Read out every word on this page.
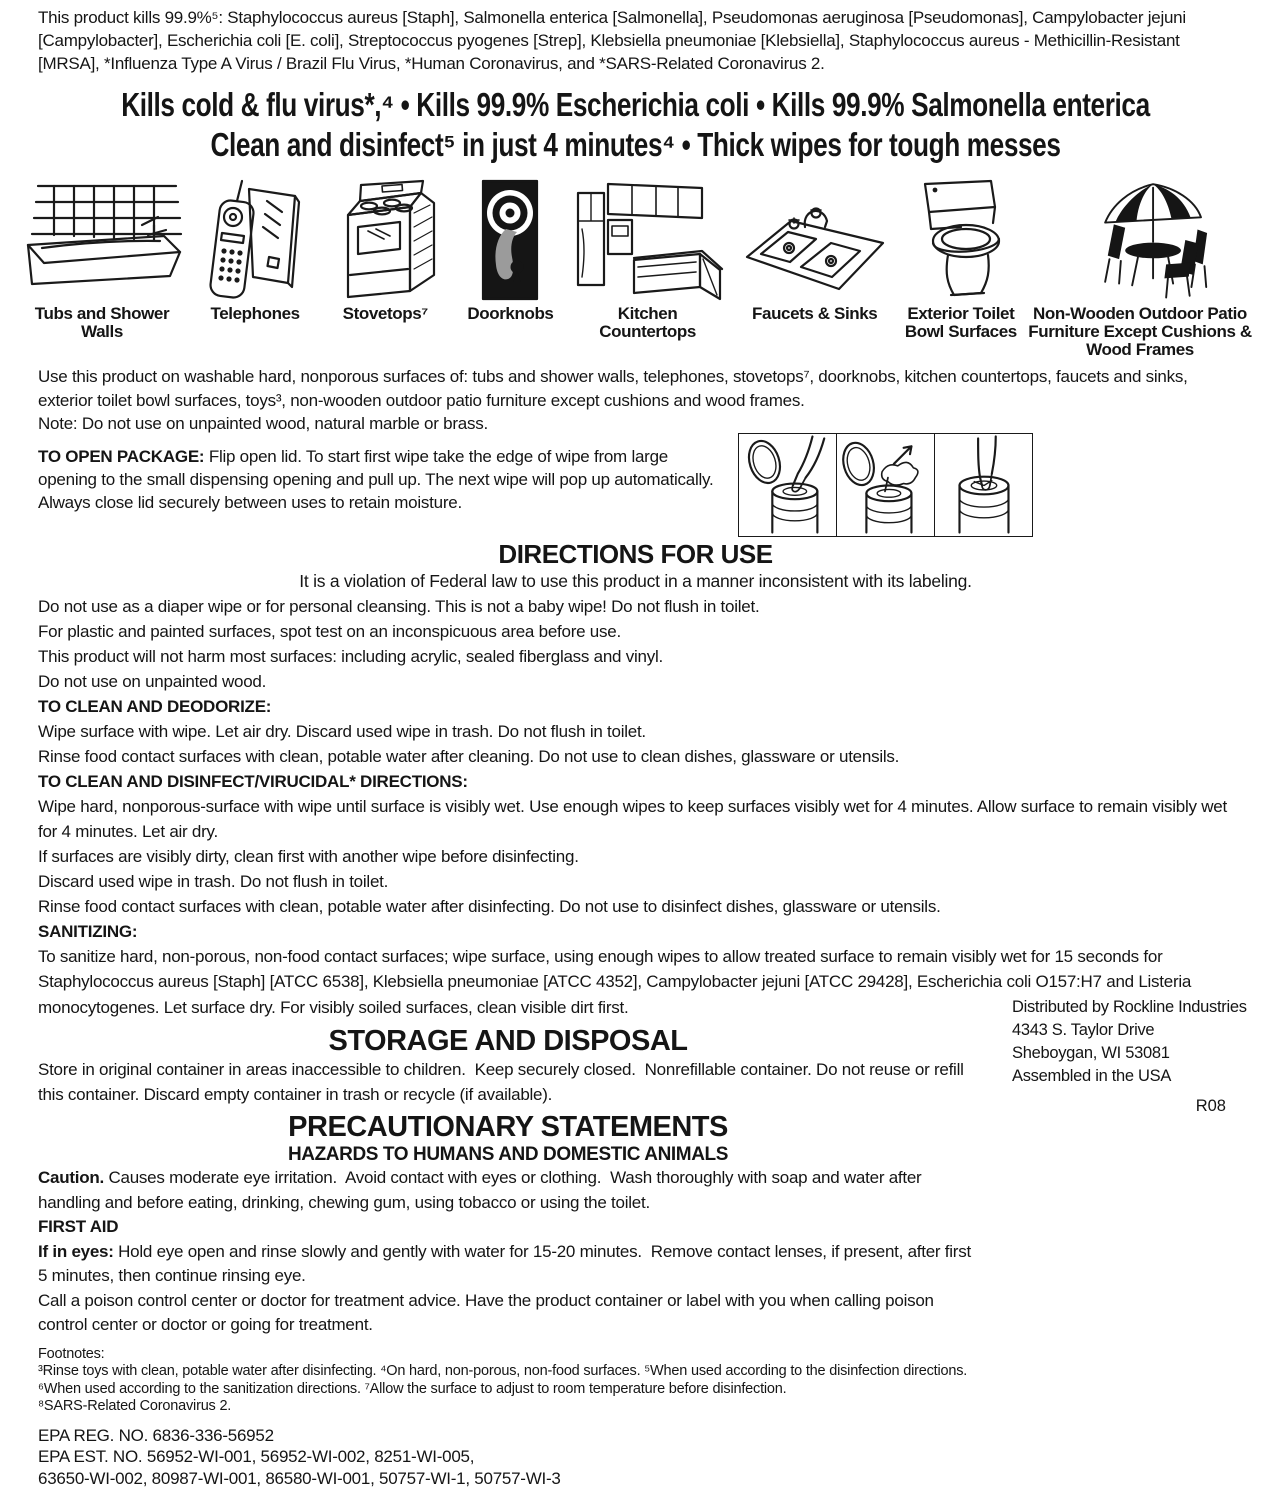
This product kills 99.9%⁵: Staphylococcus aureus [Staph], Salmonella enterica [Salmonella], Pseudomonas aeruginosa [Pseudomonas], Campylobacter jejuni [Campylobacter], Escherichia coli [E. coli], Streptococcus pyogenes [Strep], Klebsiella pneumoniae [Klebsiella], Staphylococcus aureus - Methicillin-Resistant [MRSA], *Influenza Type A Virus / Brazil Flu Virus, *Human Coronavirus, and *SARS-Related Coronavirus 2.
Kills cold & flu virus*,⁴ • Kills 99.9% Escherichia coli • Kills 99.9% Salmonella enterica
Clean and disinfect⁵ in just 4 minutes⁴ • Thick wipes for tough messes
Tubs and Shower Walls
Telephones	Stovetops⁷ Doorknobs	Kitchen Countertops
Faucets & Sinks Exterior Toilet Bowl Surfaces
Non-Wooden Outdoor Patio Furniture Except Cushions & Wood Frames
Use this product on washable hard, nonporous surfaces of: tubs and shower walls, telephones, stovetops⁷, doorknobs, kitchen countertops, faucets and sinks, exterior toilet bowl surfaces, toys³, non-wooden outdoor patio furniture except cushions and wood frames.
Note: Do not use on unpainted wood, natural marble or brass.
TO OPEN PACKAGE: Flip open lid. To start first wipe take the edge of wipe from large opening to the small dispensing opening and pull up. The next wipe will pop up automatically. Always close lid securely between uses to retain moisture.
DIRECTIONS FOR USE
It is a violation of Federal law to use this product in a manner inconsistent with its labeling.
Do not use as a diaper wipe or for personal cleansing. This is not a baby wipe! Do not flush in toilet.
For plastic and painted surfaces, spot test on an inconspicuous area before use.
This product will not harm most surfaces: including acrylic, sealed fiberglass and vinyl.
Do not use on unpainted wood.
TO CLEAN AND DEODORIZE:
Wipe surface with wipe. Let air dry. Discard used wipe in trash. Do not flush in toilet.
Rinse food contact surfaces with clean, potable water after cleaning. Do not use to clean dishes, glassware or utensils.
TO CLEAN AND DISINFECT/VIRUCIDAL* DIRECTIONS:
Wipe hard, nonporous-surface with wipe until surface is visibly wet. Use enough wipes to keep surfaces visibly wet for 4 minutes. Allow surface to remain visibly wet for 4 minutes. Let air dry.
If surfaces are visibly dirty, clean first with another wipe before disinfecting.
Discard used wipe in trash. Do not flush in toilet.
Rinse food contact surfaces with clean, potable water after disinfecting. Do not use to disinfect dishes, glassware or utensils.
SANITIZING:
To sanitize hard, non-porous, non-food contact surfaces; wipe surface, using enough wipes to allow treated surface to remain visibly wet for 15 seconds for Staphylococcus aureus [Staph] [ATCC 6538], Klebsiella pneumoniae [ATCC 4352], Campylobacter jejuni [ATCC 29428], Escherichia coli O157:H7 and Listeria monocytogenes. Let surface dry. For visibly soiled surfaces, clean visible dirt first.
STORAGE AND DISPOSAL
Store in original container in areas inaccessible to children.  Keep securely closed.  Nonrefillable container. Do not reuse or refill this container. Discard empty container in trash or recycle (if available).
PRECAUTIONARY STATEMENTS
HAZARDS TO HUMANS AND DOMESTIC ANIMALS
Caution. Causes moderate eye irritation.  Avoid contact with eyes or clothing.  Wash thoroughly with soap and water after handling and before eating, drinking, chewing gum, using tobacco or using the toilet.
FIRST AID
If in eyes: Hold eye open and rinse slowly and gently with water for 15-20 minutes.  Remove contact lenses, if present, after first 5 minutes, then continue rinsing eye.
Call a poison control center or doctor for treatment advice. Have the product container or label with you when calling poison control center or doctor or going for treatment.
Footnotes:
³Rinse toys with clean, potable water after disinfecting. ⁴On hard, non-porous, non-food surfaces. ⁵When used according to the disinfection directions. ⁶When used according to the sanitization directions. ⁷Allow the surface to adjust to room temperature before disinfection.
⁸SARS-Related Coronavirus 2.
EPA REG. NO. 6836-336-56952
EPA EST. NO. 56952-WI-001, 56952-WI-002, 8251-WI-005,
63650-WI-002, 80987-WI-001, 86580-WI-001, 50757-WI-1, 50757-WI-3
Distributed by Rockline Industries
4343 S. Taylor Drive
Sheboygan, WI 53081
Assembled in the USA
R08
